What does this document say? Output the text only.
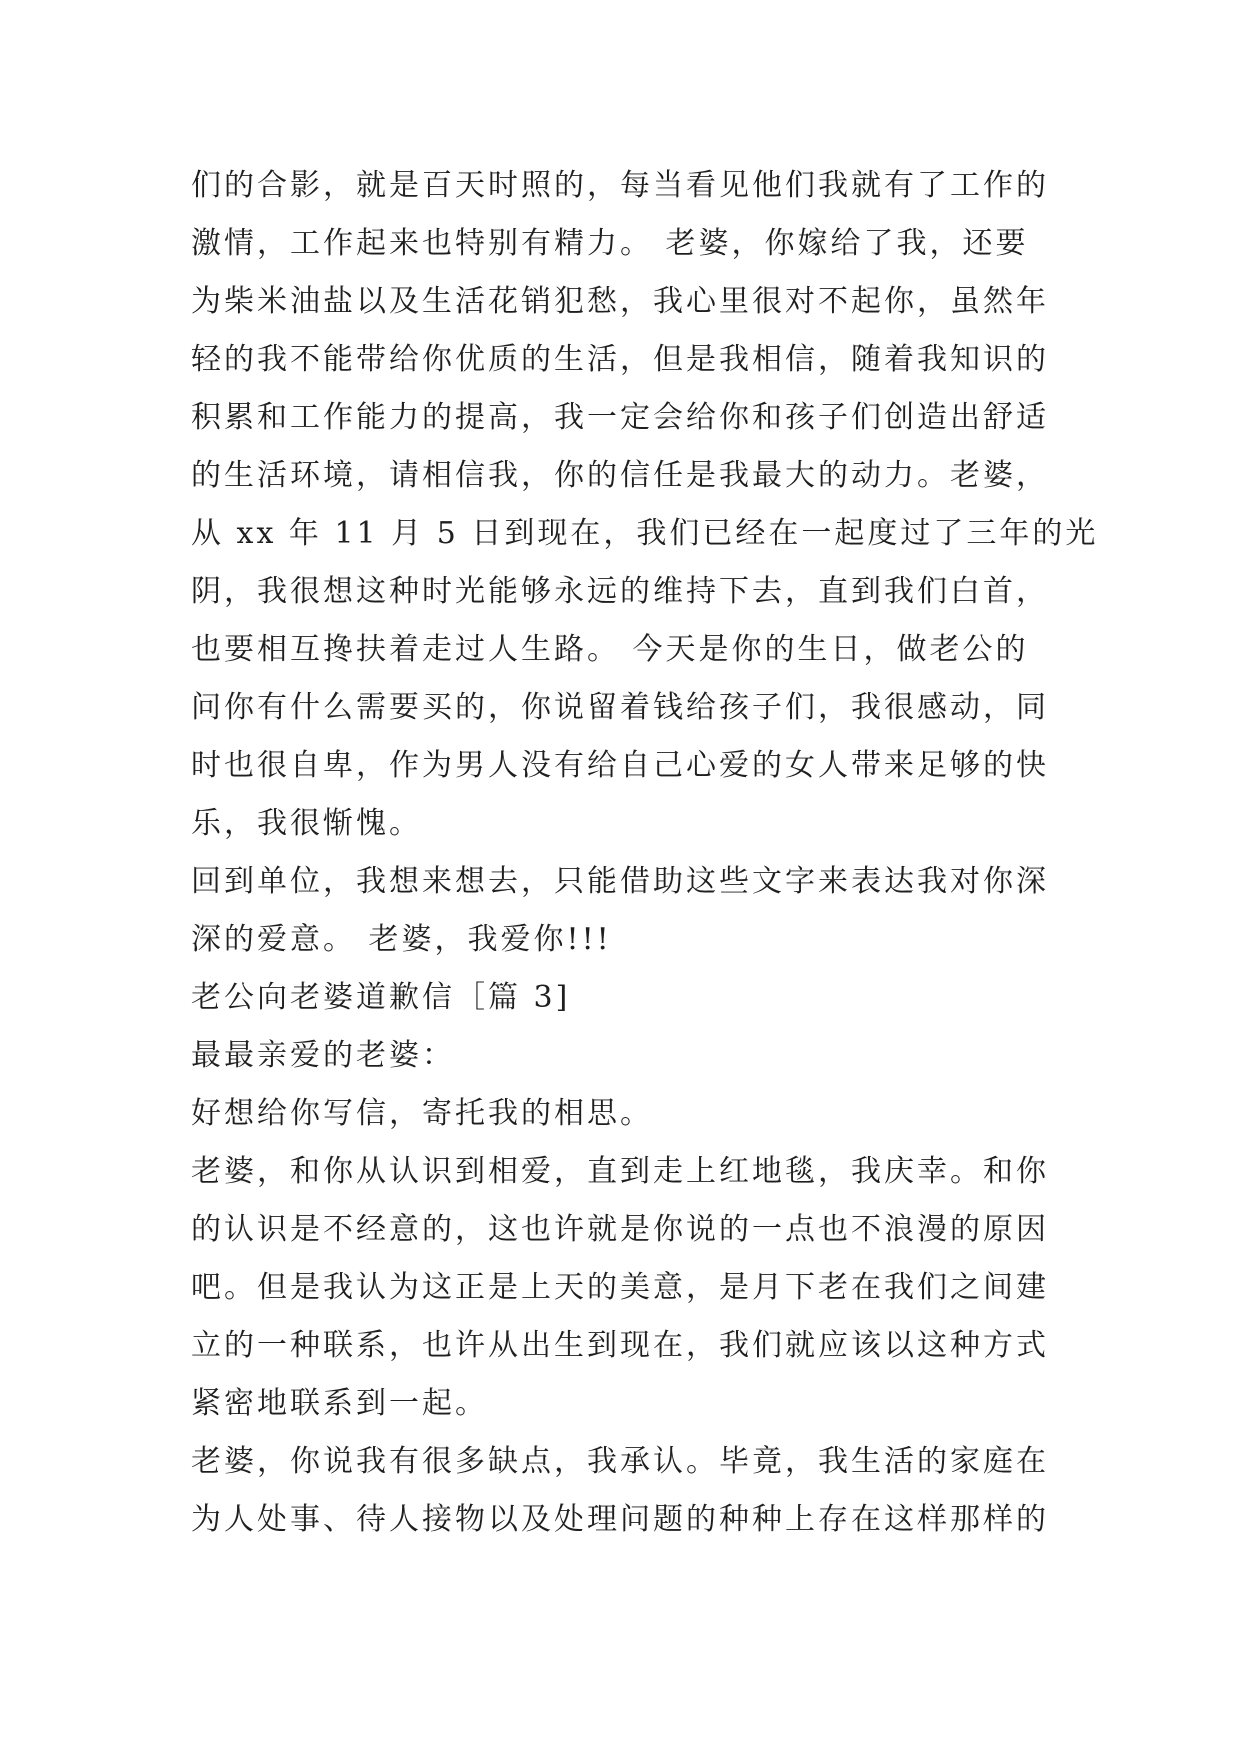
们的合影，就是百天时照的，每当看见他们我就有了工作的
激情，工作起来也特别有精力。 老婆，你嫁给了我，还要
为柴米油盐以及生活花销犯愁，我心里很对不起你，虽然年
轻的我不能带给你优质的生活，但是我相信，随着我知识的
积累和工作能力的提高，我一定会给你和孩子们创造出舒适
的生活环境，请相信我，你的信任是我最大的动力。老婆，
从 xx 年 11 月 5 日到现在，我们已经在一起度过了三年的光
阴，我很想这种时光能够永远的维持下去，直到我们白首，
也要相互搀扶着走过人生路。 今天是你的生日，做老公的
问你有什么需要买的，你说留着钱给孩子们，我很感动，同
时也很自卑，作为男人没有给自己心爱的女人带来足够的快
乐，我很惭愧。
回到单位，我想来想去，只能借助这些文字来表达我对你深
深的爱意。 老婆，我爱你!!!
老公向老婆道歉信［篇 3]
最最亲爱的老婆：
好想给你写信，寄托我的相思。
老婆，和你从认识到相爱，直到走上红地毯，我庆幸。和你
的认识是不经意的，这也许就是你说的一点也不浪漫的原因
吧。但是我认为这正是上天的美意，是月下老在我们之间建
立的一种联系，也许从出生到现在，我们就应该以这种方式
紧密地联系到一起。
老婆，你说我有很多缺点，我承认。毕竟，我生活的家庭在
为人处事、待人接物以及处理问题的种种上存在这样那样的
